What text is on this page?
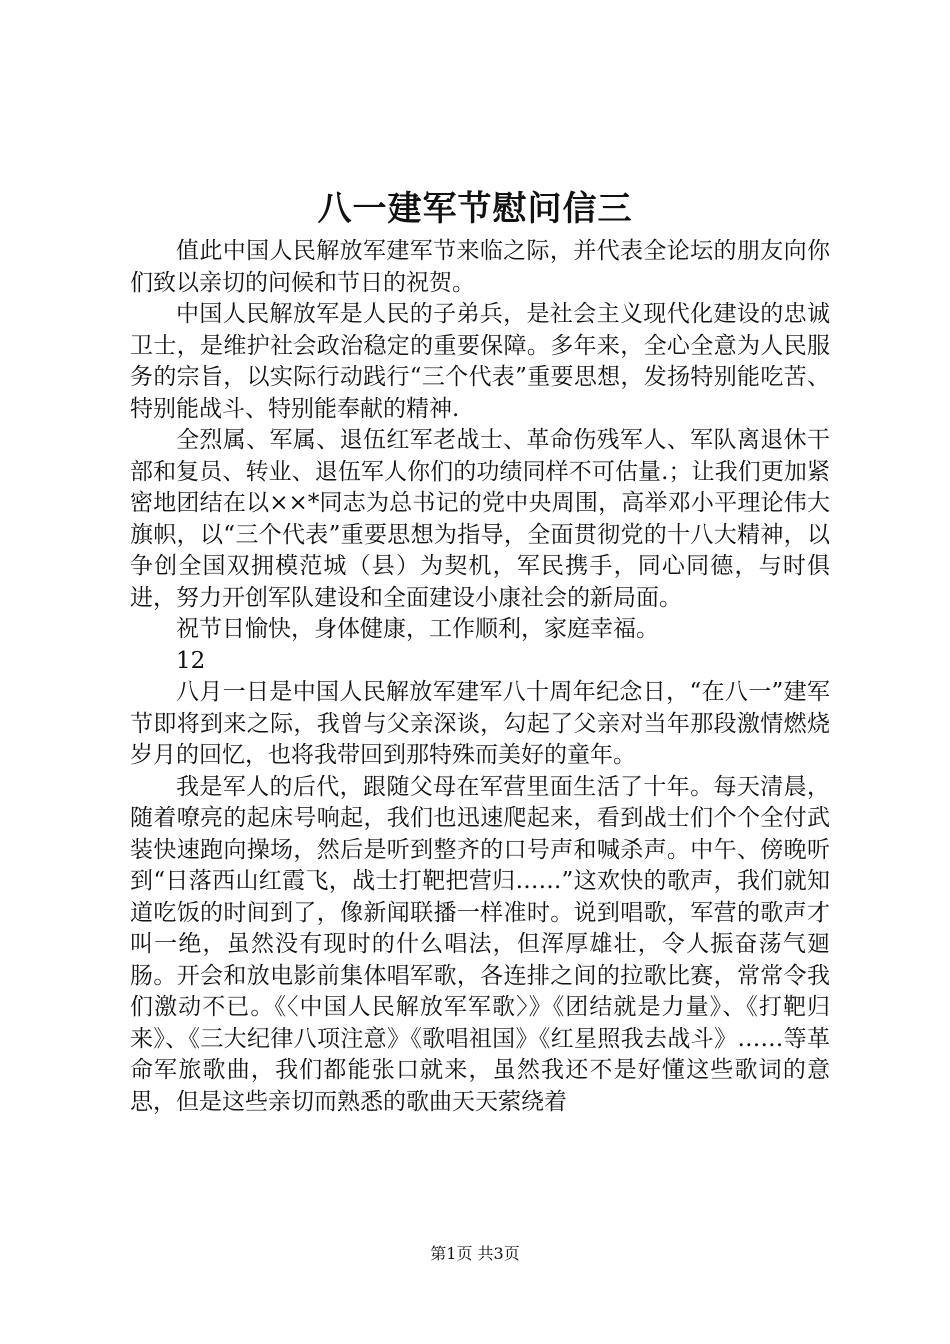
八一建军节慰问信三

值此中国人民解放军建军节来临之际，并代表全论坛的朋友向你们致以亲切的问候和节日的祝贺。

中国人民解放军是人民的子弟兵，是社会主义现代化建设的忠诚卫士，是维护社会政治稳定的重要保障。多年来，全心全意为人民服务的宗旨，以实际行动践行“三个代表”重要思想，发扬特别能吃苦、特别能战斗、特别能奉献的精神.

全烈属、军属、退伍红军老战士、革命伤残军人、军队离退休干部和复员、转业、退伍军人你们的功绩同样不可估量.；让我们更加紧密地团结在以××*同志为总书记的党中央周围，高举邓小平理论伟大旗帜，以“三个代表”重要思想为指导，全面贯彻党的十八大精神，以争创全国双拥模范城（县）为契机，军民携手，同心同德，与时俱进，努力开创军队建设和全面建设小康社会的新局面。

祝节日愉快，身体健康，工作顺利，家庭幸福。

12

八月一日是中国人民解放军建军八十周年纪念日，“在八一”建军节即将到来之际，我曾与父亲深谈，勾起了父亲对当年那段激情燃烧岁月的回忆，也将我带回到那特殊而美好的童年。

我是军人的后代，跟随父母在军营里面生活了十年。每天清晨，随着嘹亮的起床号响起，我们也迅速爬起来，看到战士们个个全付武装快速跑向操场，然后是听到整齐的口号声和喊杀声。中午、傍晚听到“日落西山红霞飞，战士打靶把营归……”这欢快的歌声，我们就知道吃饭的时间到了，像新闻联播一样准时。说到唱歌，军营的歌声才叫一绝，虽然没有现时的什么唱法，但浑厚雄壮，令人振奋荡气廻肠。开会和放电影前集体唱军歌，各连排之间的拉歌比赛，常常令我们激动不已。《〈中国人民解放军军歌〉》《团结就是力量》、《打靶归来》、《三大纪律八项注意》《歌唱祖国》《红星照我去战斗》……等革命军旅歌曲，我们都能张口就来，虽然我还不是好懂这些歌词的意思，但是这些亲切而熟悉的歌曲天天萦绕着

第1页 共3页
